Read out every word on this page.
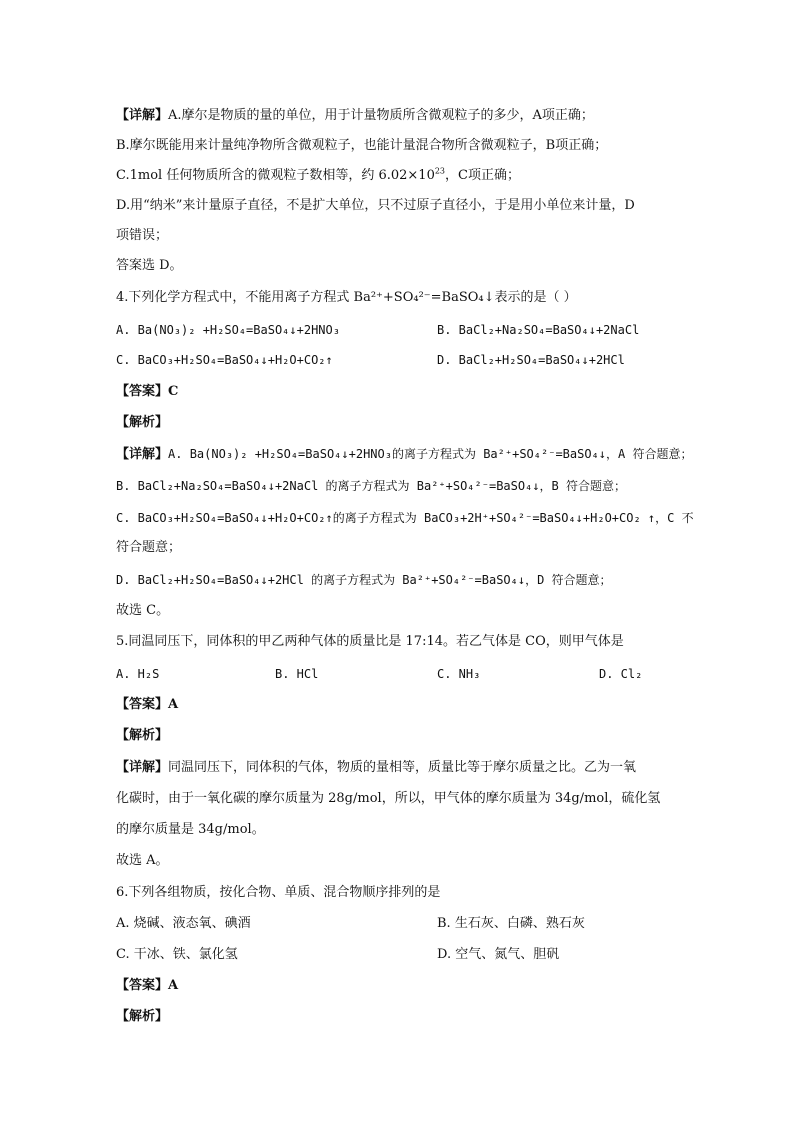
【详解】A.摩尔是物质的量的单位，用于计量物质所含微观粒子的多少，A项正确；
B.摩尔既能用来计量纯净物所含微观粒子，也能计量混合物所含微观粒子，B项正确；
C.1mol 任何物质所含的微观粒子数相等，约 $6.02\times 10^{23}$，C项正确；
D.用“纳米”来计量原子直径，不是扩大单位，只不过原子直径小，于是用小单位来计量，D
项错误；
答案选 D。
4.下列化学方程式中，不能用离子方程式 Ba²⁺+SO₄²⁻=BaSO₄↓表示的是（ ）
A. Ba(NO₃)₂ +H₂SO₄=BaSO₄↓+2HNO₃	B. BaCl₂+Na₂SO₄=BaSO₄↓+2NaCl
C. BaCO₃+H₂SO₄=BaSO₄↓+H₂O+CO₂↑	D. BaCl₂+H₂SO₄=BaSO₄↓+2HCl
【答案】C
【解析】
【详解】A. Ba(NO₃)₂ +H₂SO₄=BaSO₄↓+2HNO₃的离子方程式为 Ba²⁺+SO₄²⁻=BaSO₄↓，A 符合题意；
B. BaCl₂+Na₂SO₄=BaSO₄↓+2NaCl 的离子方程式为 Ba²⁺+SO₄²⁻=BaSO₄↓，B 符合题意；
C. BaCO₃+H₂SO₄=BaSO₄↓+H₂O+CO₂↑的离子方程式为 BaCO₃+2H⁺+SO₄²⁻=BaSO₄↓+H₂O+CO₂ ↑，C 不
符合题意；
D. BaCl₂+H₂SO₄=BaSO₄↓+2HCl 的离子方程式为 Ba²⁺+SO₄²⁻=BaSO₄↓，D 符合题意；
故选 C。
5.同温同压下，同体积的甲乙两种气体的质量比是 17:14。若乙气体是 CO，则甲气体是
A. H₂S	B. HCl	C. NH₃	D. Cl₂
【答案】A
【解析】
【详解】同温同压下，同体积的气体，物质的量相等，质量比等于摩尔质量之比。乙为一氧
化碳时，由于一氧化碳的摩尔质量为 28g/mol，所以，甲气体的摩尔质量为 34g/mol，硫化氢
的摩尔质量是 34g/mol。
故选 A。
6.下列各组物质，按化合物、单质、混合物顺序排列的是
A. 烧碱、液态氧、碘酒	B. 生石灰、白磷、熟石灰
C. 干冰、铁、氯化氢	D. 空气、氮气、胆矾
【答案】A
【解析】
